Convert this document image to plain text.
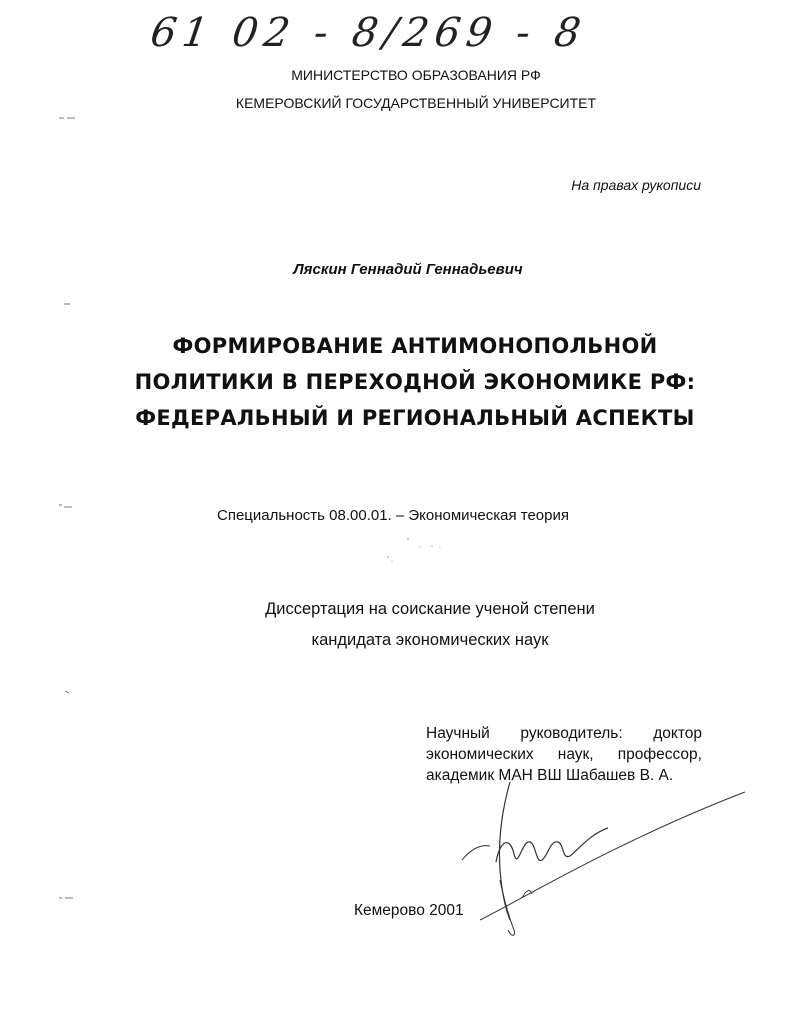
61 02 - 8/269 - 8
МИНИСТЕРСТВО ОБРАЗОВАНИЯ РФ
КЕМЕРОВСКИЙ ГОСУДАРСТВЕННЫЙ УНИВЕРСИТЕТ
На правах рукописи
Ляскин Геннадий Геннадьевич
ФОРМИРОВАНИЕ АНТИМОНОПОЛЬНОЙ
ПОЛИТИКИ В ПЕРЕХОДНОЙ ЭКОНОМИКЕ РФ:
ФЕДЕРАЛЬНЫЙ И РЕГИОНАЛЬНЫЙ АСПЕКТЫ
Специальность 08.00.01. – Экономическая теория
Диссертация на соискание ученой степени
кандидата экономических наук
Научный руководитель: доктор
экономических наук, профессор,
академик МАН ВШ Шабашев В. А.
Кемерово 2001
